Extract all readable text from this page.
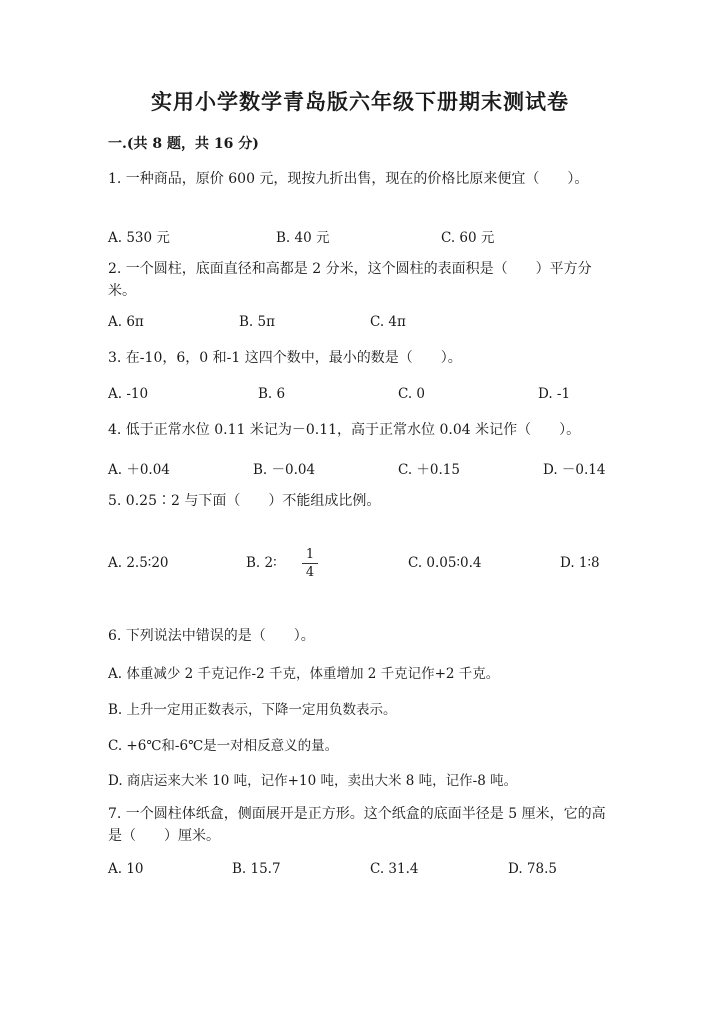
实用小学数学青岛版六年级下册期末测试卷
一.(共 8 题，共 16 分)
1. 一种商品，原价 600 元，现按九折出售，现在的价格比原来便宜（　　）。
A. 530 元	B. 40 元	C. 60 元
2. 一个圆柱，底面直径和高都是 2 分米，这个圆柱的表面积是（　　）平方分米。
A. 6π	B. 5π	C. 4π
3. 在-10，6，0 和-1 这四个数中，最小的数是（　　）。
A. -10	B. 6	C. 0	D. -1
4. 低于正常水位 0.11 米记为－0.11，高于正常水位 0.04 米记作（　　）。
A. ＋0.04	B. －0.04	C. ＋0.15	D. －0.14
5. 0.25∶2 与下面（　　）不能组成比例。
A. 2.5∶20	B. 2∶
1
4
C. 0.05∶0.4	D. 1∶8
6. 下列说法中错误的是（　　）。
A. 体重减少 2 千克记作-2 千克，体重增加 2 千克记作+2 千克。
B. 上升一定用正数表示，下降一定用负数表示。
C. +6℃和-6℃是一对相反意义的量。
D. 商店运来大米 10 吨，记作+10 吨，卖出大米 8 吨，记作-8 吨。
7. 一个圆柱体纸盒，侧面展开是正方形。这个纸盒的底面半径是 5 厘米，它的高是（　　）厘米。
A. 10	B. 15.7	C. 31.4	D. 78.5
